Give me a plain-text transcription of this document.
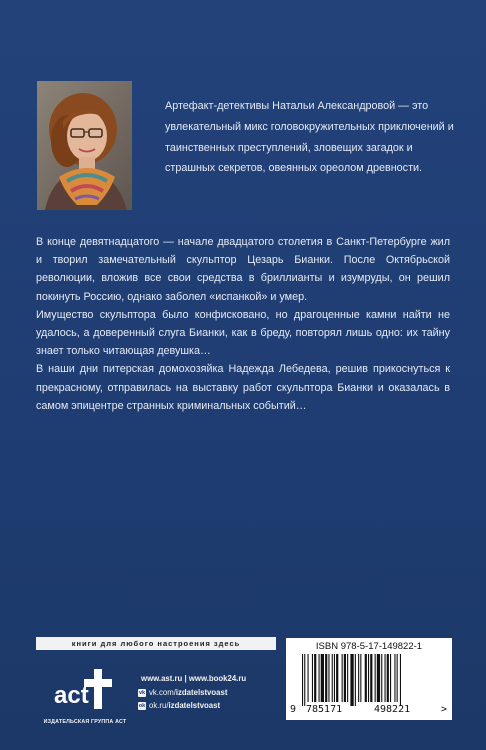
Артефакт-детективы Натальи Александровой — это увлекательный микс головокружительных приключений и таинственных преступлений, зловещих загадок и страшных секретов, овеянных ореолом древности.

В конце девятнадцатого — начале двадцатого столетия в Санкт-Петербурге жил и творил замечательный скульптор Цезарь Бианки. После Октябрьской революции, вложив все свои средства в бриллианты и изумруды, он решил покинуть Россию, однако заболел «испанкой» и умер.

Имущество скульптора было конфисковано, но драгоценные камни найти не удалось, а доверенный слуга Бианки, как в бреду, повторял лишь одно: их тайну знает только читающая девушка…

В наши дни питерская домохозяйка Надежда Лебедева, решив прикоснуться к прекрасному, отправилась на выставку работ скульптора Бианки и оказалась в самом эпицентре странных криминальных событий…

книги для любого настроения здесь
act
ИЗДАТЕЛЬСКАЯ ГРУППА АСТ
www.ast.ru | www.book24.ru
vk vk.com/ izdatelstvoast
ok ok.ru/ izdatelstvoast
ISBN 978-5-17-149822-1
9 785171	498221	>
